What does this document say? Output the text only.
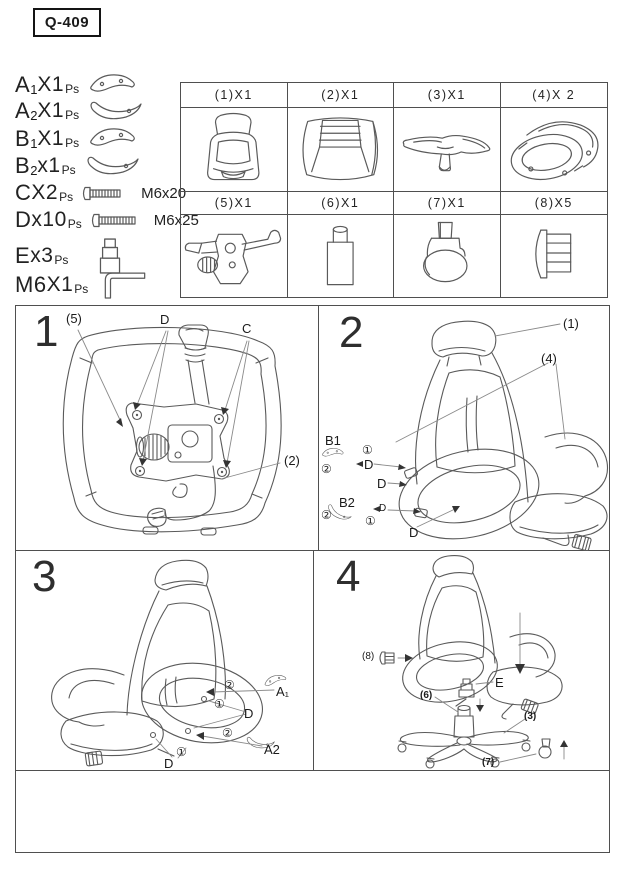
Q-409
A 1 X1 Ps
A 2 X1 Ps
B 1 X1 Ps
B 2 x1 Ps
C X2 Ps	M6x20
D x10 Ps	M6x25
E x3 Ps
M6 X1 Ps
(1)X1	(2)X1	(3)X1	(4)X 2
(5)X1	(6)X1	(7)X1	(8)X5
1 (5)	D
C
(2)
2	(1)
(4)
B1
①
② D
D
B2
②	D
①
D
3
②	A₁
①
D
②
A2
①
D
4
(8)
E
(6)
(3)
(7)
